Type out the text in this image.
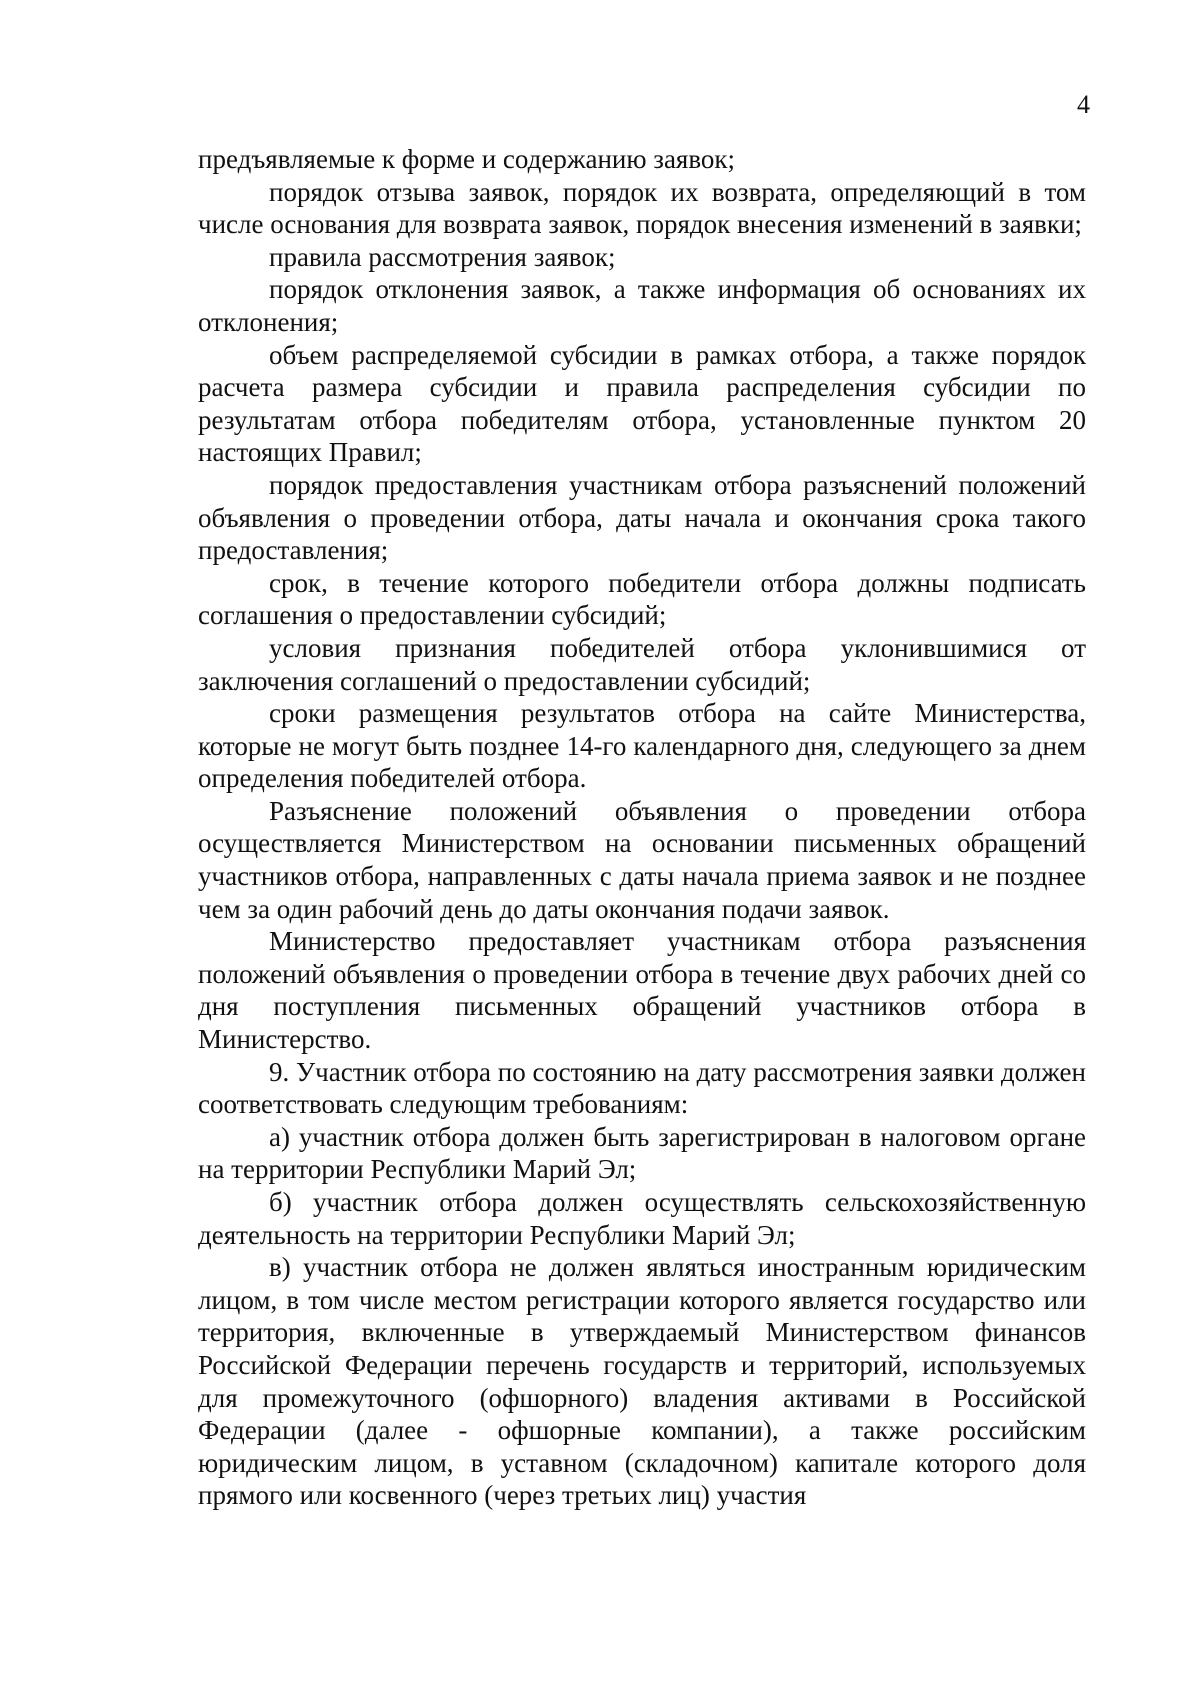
4

предъявляемые к форме и содержанию заявок;

порядок отзыва заявок, порядок их возврата, определяющий в том числе основания для возврата заявок, порядок внесения изменений в заявки;

правила рассмотрения заявок;

порядок отклонения заявок, а также информация об основаниях их отклонения;

объем распределяемой субсидии в рамках отбора, а также порядок расчета размера субсидии и правила распределения субсидии по результатам отбора победителям отбора, установленные пунктом 20 настоящих Правил;

порядок предоставления участникам отбора разъяснений положений объявления о проведении отбора, даты начала и окончания срока такого предоставления;

срок, в течение которого победители отбора должны подписать соглашения о предоставлении субсидий;

условия признания победителей отбора уклонившимися от заключения соглашений о предоставлении субсидий;

сроки размещения результатов отбора на сайте Министерства, которые не могут быть позднее 14-го календарного дня, следующего за днем определения победителей отбора.

Разъяснение положений объявления о проведении отбора осуществляется Министерством на основании письменных обращений участников отбора, направленных с даты начала приема заявок и не позднее чем за один рабочий день до даты окончания подачи заявок.

Министерство предоставляет участникам отбора разъяснения положений объявления о проведении отбора в течение двух рабочих дней со дня поступления письменных обращений участников отбора в Министерство.

9. Участник отбора по состоянию на дату рассмотрения заявки должен соответствовать следующим требованиям:

а) участник отбора должен быть зарегистрирован в налоговом органе на территории Республики Марий Эл;

б) участник отбора должен осуществлять сельскохозяйственную деятельность на территории Республики Марий Эл;

в) участник отбора не должен являться иностранным юридическим лицом, в том числе местом регистрации которого является государство или территория, включенные в утверждаемый Министерством финансов Российской Федерации перечень государств и территорий, используемых для промежуточного (офшорного) владения активами в Российской Федерации (далее - офшорные компании), а также российским юридическим лицом, в уставном (складочном) капитале которого доля прямого или косвенного (через третьих лиц) участия
